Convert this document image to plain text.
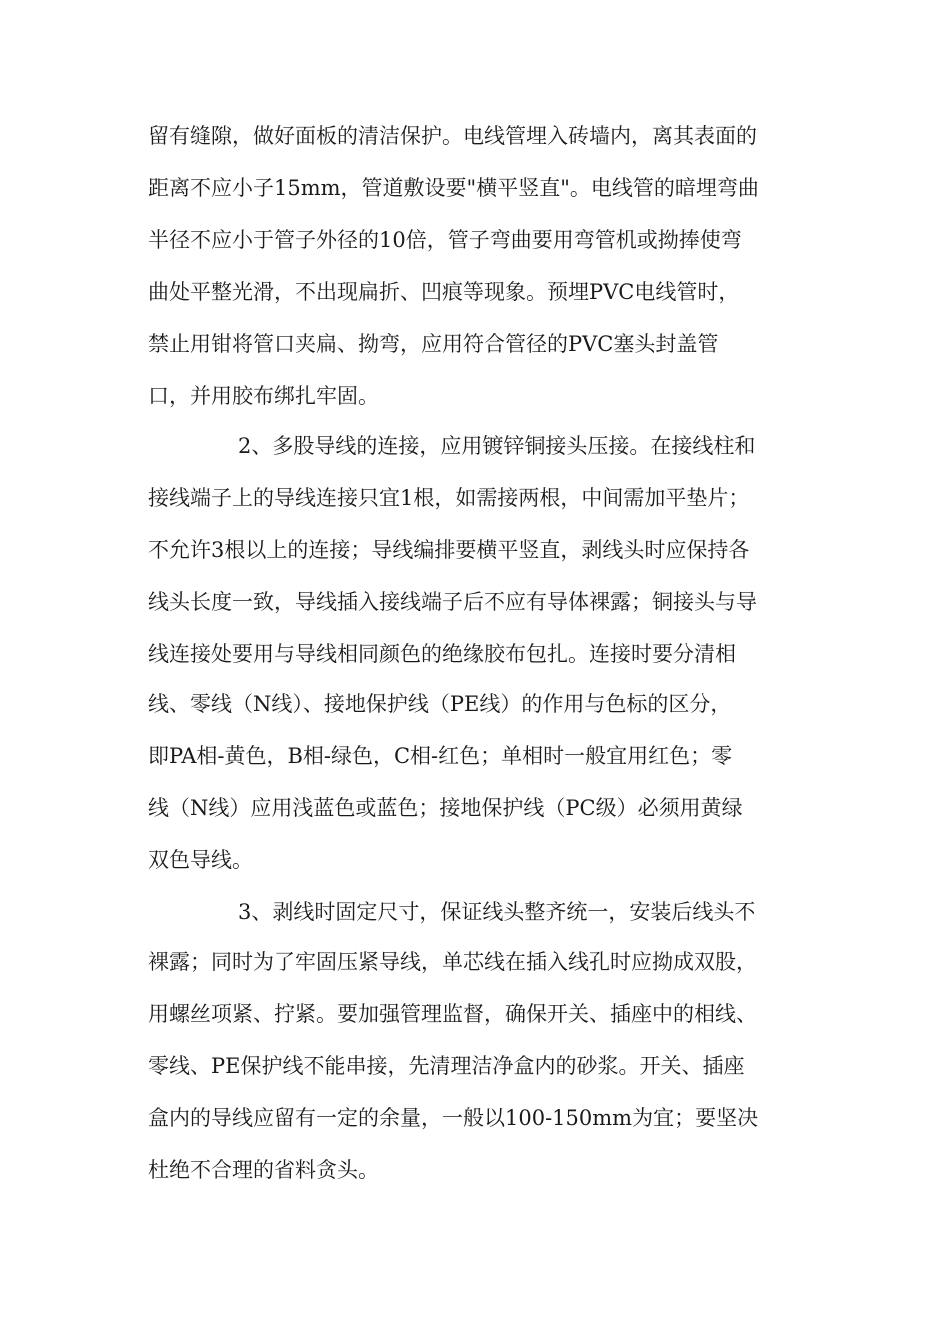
留有缝隙，做好面板的清洁保护。电线管埋入砖墙内，离其表面的
距离不应小子15mm，管道敷设要"横平竖直"。电线管的暗埋弯曲
半径不应小于管子外径的10倍，管子弯曲要用弯管机或拗捧使弯
曲处平整光滑，不出现扁折、凹痕等现象。预埋PVC电线管时，
禁止用钳将管口夹扁、拗弯，应用符合管径的PVC塞头封盖管
口，并用胶布绑扎牢固。
2、多股导线的连接，应用镀锌铜接头压接。在接线柱和
接线端子上的导线连接只宜1根，如需接两根，中间需加平垫片；
不允许3根以上的连接；导线编排要横平竖直，剥线头时应保持各
线头长度一致，导线插入接线端子后不应有导体裸露；铜接头与导
线连接处要用与导线相同颜色的绝缘胶布包扎。连接时要分清相
线、零线（N线）、接地保护线（PE线）的作用与色标的区分，
即PA相-黄色，B相-绿色，C相-红色；单相时一般宜用红色；零
线（N线）应用浅蓝色或蓝色；接地保护线（PC级）必须用黄绿
双色导线。
3、剥线时固定尺寸，保证线头整齐统一，安装后线头不
裸露；同时为了牢固压紧导线，单芯线在插入线孔时应拗成双股，
用螺丝项紧、拧紧。要加强管理监督，确保开关、插座中的相线、
零线、PE保护线不能串接，先清理洁净盒内的砂浆。开关、插座
盒内的导线应留有一定的余量，一般以100-150mm为宜；要坚决
杜绝不合理的省料贪头。
